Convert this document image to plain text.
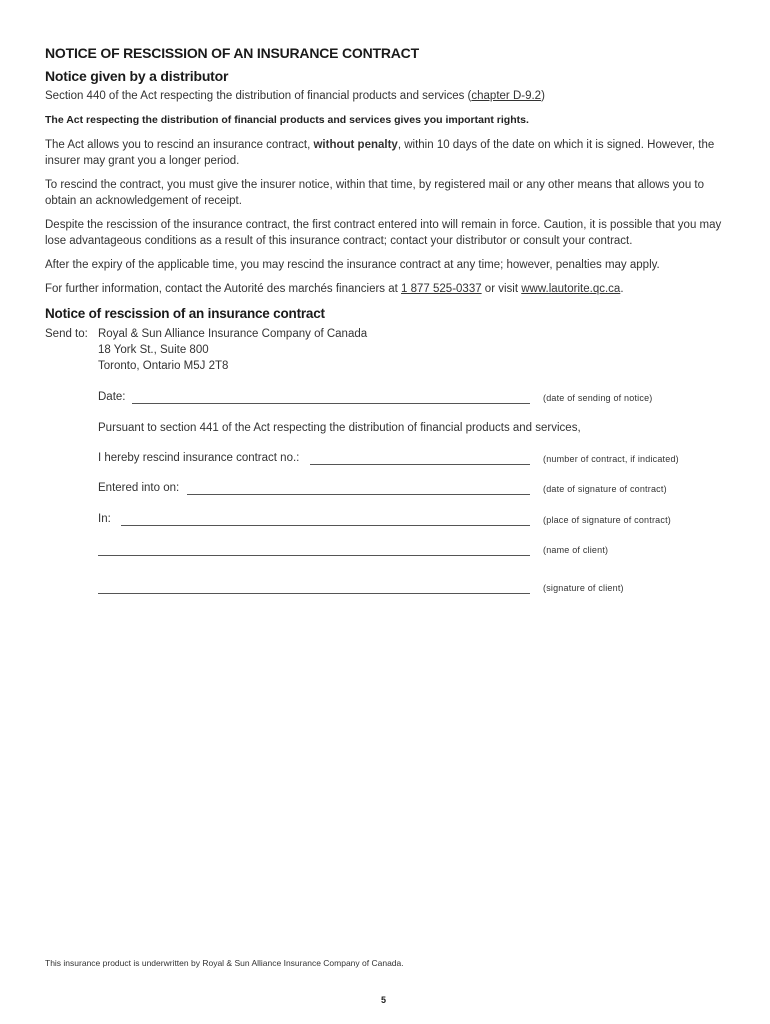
NOTICE OF RESCISSION OF AN INSURANCE CONTRACT
Notice given by a distributor
Section 440 of the Act respecting the distribution of financial products and services (chapter D-9.2)
The Act respecting the distribution of financial products and services gives you important rights.
The Act allows you to rescind an insurance contract, without penalty, within 10 days of the date on which it is signed. However, the insurer may grant you a longer period.
To rescind the contract, you must give the insurer notice, within that time, by registered mail or any other means that allows you to obtain an acknowledgement of receipt.
Despite the rescission of the insurance contract, the first contract entered into will remain in force. Caution, it is possible that you may lose advantageous conditions as a result of this insurance contract; contact your distributor or consult your contract.
After the expiry of the applicable time, you may rescind the insurance contract at any time; however, penalties may apply.
For further information, contact the Autorité des marchés financiers at 1 877 525-0337 or visit www.lautorite.qc.ca.
Notice of rescission of an insurance contract
Send to: Royal & Sun Alliance Insurance Company of Canada
18 York St., Suite 800
Toronto, Ontario M5J 2T8
Date:	(date of sending of notice)
Pursuant to section 441 of the Act respecting the distribution of financial products and services,
I hereby rescind insurance contract no.:	(number of contract, if indicated)
Entered into on:	(date of signature of contract)
In:	(place of signature of contract)
(name of client)
(signature of client)
This insurance product is underwritten by Royal & Sun Alliance Insurance Company of Canada.
5
